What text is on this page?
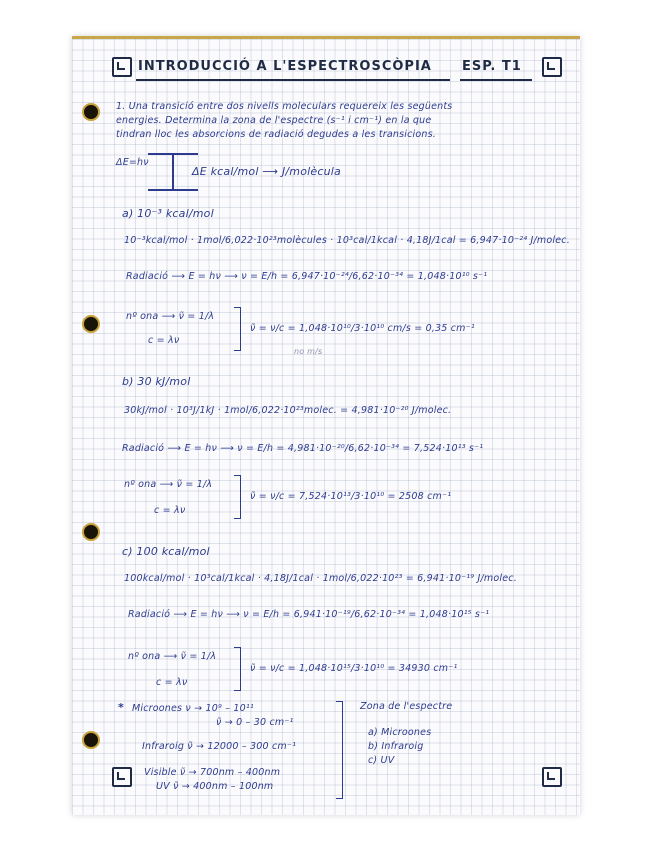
INTRODUCCIÓ A L'ESPECTROSCÒPIA ESP. T1
1. Una transició entre dos nivells moleculars requereix les següents
energies. Determina la zona de l'espectre (s⁻¹ i cm⁻¹) en la que
tindran lloc les absorcions de radiació degudes a les transicions.
ΔE=hν
ΔE kcal/mol ⟶ J/molècula
a) 10⁻³ kcal/mol
10⁻³kcal/mol · 1mol/6,022·10²³molècules · 10³cal/1kcal · 4,18J/1cal = 6,947·10⁻²⁴ J/molec.
Radiació ⟶ E = hν ⟶ ν = E/h = 6,947·10⁻²⁴/6,62·10⁻³⁴ = 1,048·10¹⁰ s⁻¹
nº ona ⟶ ν̃ = 1/λ
c = λν
ν̃ = ν/c = 1,048·10¹⁰/3·10¹⁰ cm/s = 0,35 cm⁻¹
no m/s
b) 30 kJ/mol
30kJ/mol · 10³J/1kJ · 1mol/6,022·10²³molec. = 4,981·10⁻²⁰ J/molec.
Radiació ⟶ E = hν ⟶ ν = E/h = 4,981·10⁻²⁰/6,62·10⁻³⁴ = 7,524·10¹³ s⁻¹
nº ona ⟶ ν̃ = 1/λ
c = λν
ν̃ = ν/c = 7,524·10¹³/3·10¹⁰ = 2508 cm⁻¹
c) 100 kcal/mol
100kcal/mol · 10³cal/1kcal · 4,18J/1cal · 1mol/6,022·10²³ = 6,941·10⁻¹⁹ J/molec.
Radiació ⟶ E = hν ⟶ ν = E/h = 6,941·10⁻¹⁹/6,62·10⁻³⁴ = 1,048·10¹⁵ s⁻¹
nº ona ⟶ ν̃ = 1/λ
c = λν
ν̃ = ν/c = 1,048·10¹⁵/3·10¹⁰ = 34930 cm⁻¹
* Microones ν → 10⁹ – 10¹¹
ν̃ → 0 – 30 cm⁻¹
Infraroig ν̃ → 12000 – 300 cm⁻¹
Visible ν̃ → 700nm – 400nm
UV ν̃ → 400nm – 100nm
Zona de l'espectre
a) Microones
b) Infraroig
c) UV
